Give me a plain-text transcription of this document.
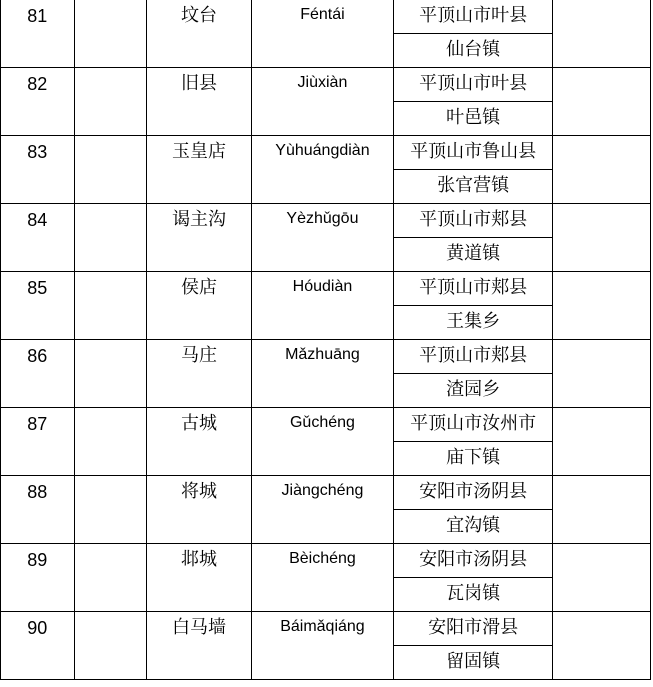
81		坟台	Féntái	平顶山市叶县	
				仙台镇	
82		旧县	Jiùxiàn	平顶山市叶县	
				叶邑镇	
83		玉皇店	Yùhuángdiàn	平顶山市鲁山县	
				张官营镇	
84		谒主沟	Yèzhǔgōu	平顶山市郏县	
				黄道镇	
85		侯店	Hóudiàn	平顶山市郏县	
				王集乡	
86		马庄	Mǎzhuāng	平顶山市郏县	
				渣园乡	
87		古城	Gǔchéng	平顶山市汝州市	
				庙下镇	
88		将城	Jiàngchéng	安阳市汤阴县	
				宜沟镇	
89		邶城	Bèichéng	安阳市汤阴县	
				瓦岗镇	
90		白马墙	Báimǎqiáng	安阳市滑县	
				留固镇	
